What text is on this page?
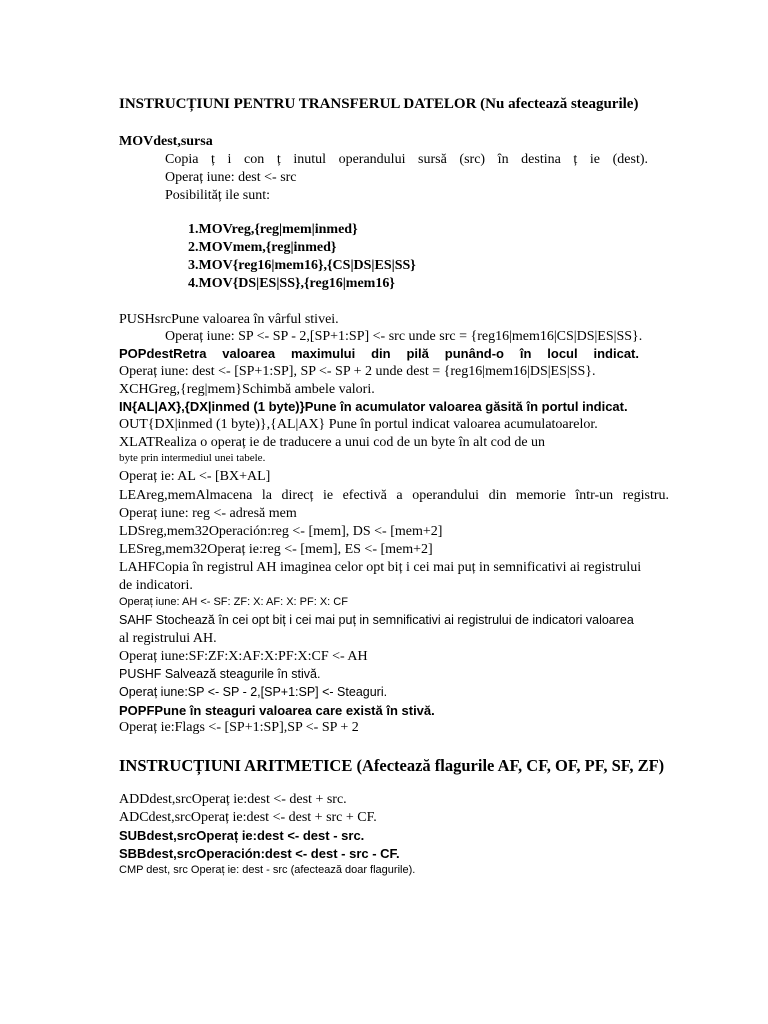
INSTRUCȚIUNI PENTRU TRANSFERUL DATELOR (Nu afectează steagurile)
MOVdest,sursa
Copia ț i con ț inutul operandului sursă (src) în destina ț ie (dest).
Operaț iune: dest <- src
Posibilităț ile sunt:
1.MOVreg,{reg|mem|inmed}
2.MOVmem,{reg|inmed}
3.MOV{reg16|mem16},{CS|DS|ES|SS}
4.MOV{DS|ES|SS},{reg16|mem16}
PUSHsrcPune valoarea în vârful stivei.
Operaț iune: SP <- SP - 2,[SP+1:SP] <- src unde src = {reg16|mem16|CS|DS|ES|SS}.
POPdestRetra valoarea maximului din pilă punând-o în locul indicat.
Operaț iune: dest <- [SP+1:SP], SP <- SP + 2 unde dest = {reg16|mem16|DS|ES|SS}.
XCHGreg,{reg|mem}Schimbă ambele valori.
IN{AL|AX},{DX|inmed (1 byte)}Pune în acumulator valoarea găsită în portul indicat.
OUT{DX|inmed (1 byte)},{AL|AX} Pune în portul indicat valoarea acumulatoarelor.
XLATRealiza o operaț ie de traducere a unui cod de un byte în alt cod de un
byte prin intermediul unei tabele.
Operaț ie: AL <- [BX+AL]
LEAreg,memAlmacena la direcț ie efectivă a operandului din memorie într-un registru.
Operaț iune: reg <- adresă mem
LDSreg,mem32Operación:reg <- [mem], DS <- [mem+2]
LESreg,mem32Operaț ie:reg <- [mem], ES <- [mem+2]
LAHFCopia în registrul AH imaginea celor opt biț i cei mai puț in semnificativi ai registrului
de indicatori.
Operaț iune: AH <- SF: ZF: X: AF: X: PF: X: CF
SAHF Stochează în cei opt biț i cei mai puț in semnificativi ai registrului de indicatori valoarea
al registrului AH.
Operaț iune:SF:ZF:X:AF:X:PF:X:CF <- AH
PUSHF Salvează steagurile în stivă.
Operaț iune:SP <- SP - 2,[SP+1:SP] <- Steaguri.
POPFPune în steaguri valoarea care există în stivă.
Operaț ie:Flags <- [SP+1:SP],SP <- SP + 2
INSTRUCȚIUNI ARITMETICE (Afectează flagurile AF, CF, OF, PF, SF, ZF)
ADDdest,srcOperaț ie:dest <- dest + src.
ADCdest,srcOperaț ie:dest <- dest + src + CF.
SUBdest,srcOperaț ie:dest <- dest - src.
SBBdest,srcOperación:dest <- dest - src - CF.
CMP dest, src Operaț ie: dest - src (afectează doar flagurile).
